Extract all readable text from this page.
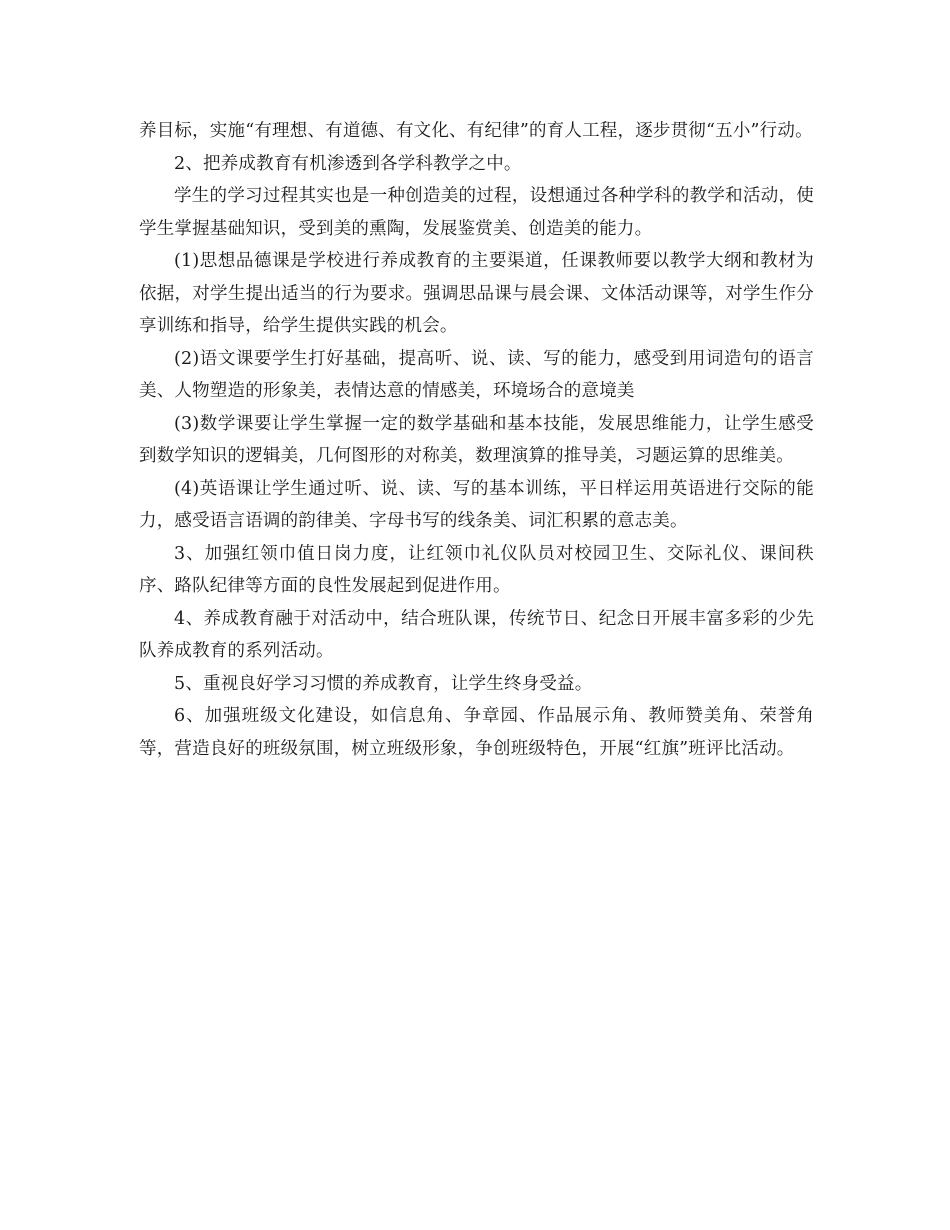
养目标，实施“有理想、有道德、有文化、有纪律”的育人工程，逐步贯彻“五小”行动。

2、把养成教育有机渗透到各学科教学之中。

学生的学习过程其实也是一种创造美的过程，设想通过各种学科的教学和活动，使学生掌握基础知识，受到美的熏陶，发展鉴赏美、创造美的能力。

(1)思想品德课是学校进行养成教育的主要渠道，任课教师要以教学大纲和教材为依据，对学生提出适当的行为要求。强调思品课与晨会课、文体活动课等，对学生作分享训练和指导，给学生提供实践的机会。

(2)语文课要学生打好基础，提高听、说、读、写的能力，感受到用词造句的语言美、人物塑造的形象美，表情达意的情感美，环境场合的意境美

(3)数学课要让学生掌握一定的数学基础和基本技能，发展思维能力，让学生感受到数学知识的逻辑美，几何图形的对称美，数理演算的推导美，习题运算的思维美。

(4)英语课让学生通过听、说、读、写的基本训练，平日样运用英语进行交际的能力，感受语言语调的韵律美、字母书写的线条美、词汇积累的意志美。

3、加强红领巾值日岗力度，让红领巾礼仪队员对校园卫生、交际礼仪、课间秩序、路队纪律等方面的良性发展起到促进作用。

4、养成教育融于对活动中，结合班队课，传统节日、纪念日开展丰富多彩的少先队养成教育的系列活动。

5、重视良好学习习惯的养成教育，让学生终身受益。

6、加强班级文化建设，如信息角、争章园、作品展示角、教师赞美角、荣誉角等，营造良好的班级氛围，树立班级形象，争创班级特色，开展“红旗”班评比活动。
